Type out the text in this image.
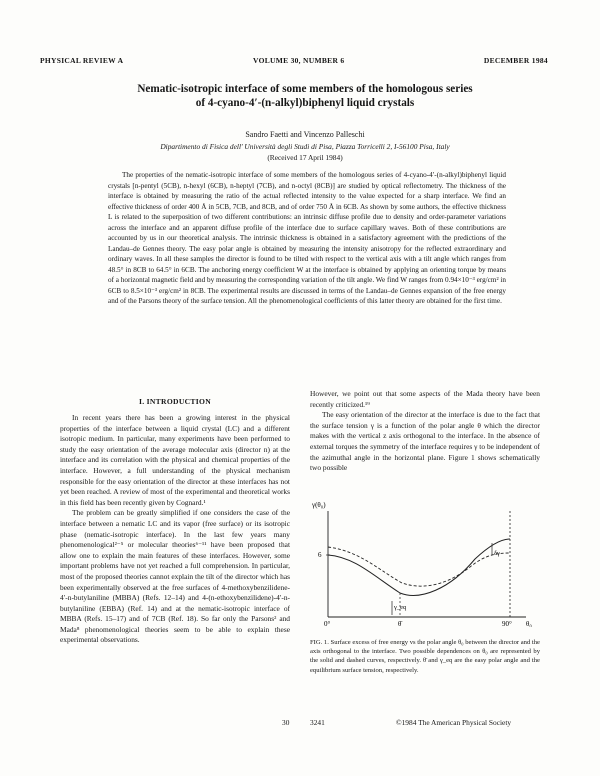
PHYSICAL REVIEW A	VOLUME 30, NUMBER 6	DECEMBER 1984
Nematic-isotropic interface of some members of the homologous series
of 4-cyano-4′-(n-alkyl)biphenyl liquid crystals
Sandro Faetti and Vincenzo Palleschi
Dipartimento di Fisica dell' Università degli Studi di Pisa, Piazza Torricelli 2, I-56100 Pisa, Italy
(Received 17 April 1984)
The properties of the nematic-isotropic interface of some members of the homologous series of 4-cyano-4′-(n-alkyl)biphenyl liquid crystals [n-pentyl (5CB), n-hexyl (6CB), n-heptyl (7CB), and n-octyl (8CB)] are studied by optical reflectometry. The thickness of the interface is obtained by measuring the ratio of the actual reflected intensity to the value expected for a sharp interface. We find an effective thickness of order 400 Å in 5CB, 7CB, and 8CB, and of order 750 Å in 6CB. As shown by some authors, the effective thickness L is related to the superposition of two different contributions: an intrinsic diffuse profile due to density and order-parameter variations across the interface and an apparent diffuse profile of the interface due to surface capillary waves. Both of these contributions are accounted by us in our theoretical analysis. The intrinsic thickness is obtained in a satisfactory agreement with the predictions of the Landau–de Gennes theory. The easy polar angle is obtained by measuring the intensity anisotropy for the reflected extraordinary and ordinary waves. In all these samples the director is found to be tilted with respect to the vertical axis with a tilt angle which ranges from 48.5° in 8CB to 64.5° in 6CB. The anchoring energy coefficient W at the interface is obtained by applying an orienting torque by means of a horizontal magnetic field and by measuring the corresponding variation of the tilt angle. We find W ranges from 0.94×10⁻³ erg/cm² in 6CB to 8.5×10⁻³ erg/cm² in 8CB. The experimental results are discussed in terms of the Landau–de Gennes expansion of the free energy and of the Parsons theory of the surface tension. All the phenomenological coefficients of this latter theory are obtained for the first time.
I. INTRODUCTION

In recent years there has been a growing interest in the physical properties of the interface between a liquid crystal (LC) and a different isotropic medium. In particular, many experiments have been performed to study the easy orientation of the average molecular axis (director n) at the interface and its correlation with the physical and chemical properties of the interface. However, a full understanding of the physical mechanism responsible for the easy orientation of the director at these interfaces has not yet been reached. A review of most of the experimental and theoretical works in this field has been recently given by Cognard.¹

The problem can be greatly simplified if one considers the case of the interface between a nematic LC and its vapor (free surface) or its isotropic phase (nematic-isotropic interface). In the last few years many phenomenological²⁻⁵ or molecular theories⁶⁻¹¹ have been proposed that allow one to explain the main features of these interfaces. However, some important problems have not yet reached a full comprehension. In particular, most of the proposed theories cannot explain the tilt of the director which has been experimentally observed at the free surfaces of 4-methoxybenzilidene-4′-n-butylaniline (MBBA) (Refs. 12–14) and 4-(n-ethoxybenzilidene)-4′-n-butylaniline (EBBA) (Ref. 14) and at the nematic-isotropic interface of MBBA (Refs. 15–17) and of 7CB (Ref. 18). So far only the Parsons² and Mada⁸ phenomenological theories seem to be able to explain these experimental observations.

However, we point out that some aspects of the Mada theory have been recently criticized.¹⁹

The easy orientation of the director at the interface is due to the fact that the surface tension γ is a function of the polar angle θ which the director makes with the vertical z axis orthogonal to the interface. In the absence of external torques the symmetry of the interface requires γ to be independent of the azimuthal angle in the horizontal plane. Figure 1 shows schematically two possible

γ(θ₀)
6
γ_eq
θ̄
δγ
0°	90° θ₀
FIG. 1. Surface excess of free energy vs the polar angle θ₀ between the director and the axis orthogonal to the interface. Two possible dependences on θ₀ are represented by the solid and dashed curves, respectively. θ̄ and γ_eq are the easy polar angle and the equilibrium surface tension, respectively.
30	3241	©1984 The American Physical Society
